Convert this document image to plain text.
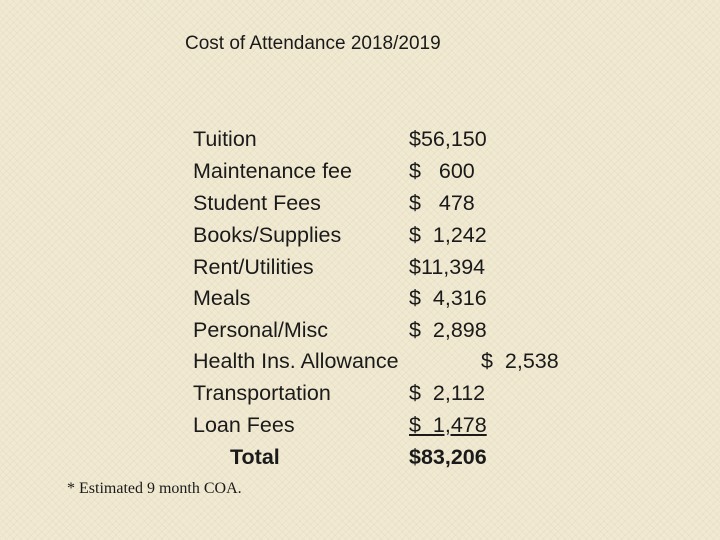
Cost of Attendance 2018/2019
Tuition	$56,150
Maintenance fee	$   600
Student Fees	$   478
Books/Supplies	$  1,242
Rent/Utilities	$11,394
Meals	$  4,316
Personal/Misc	$  2,898
Health Ins. Allowance	$  2,538
Transportation	$  2,112
Loan Fees	$  1,478
Total	$83,206
* Estimated 9 month COA.
